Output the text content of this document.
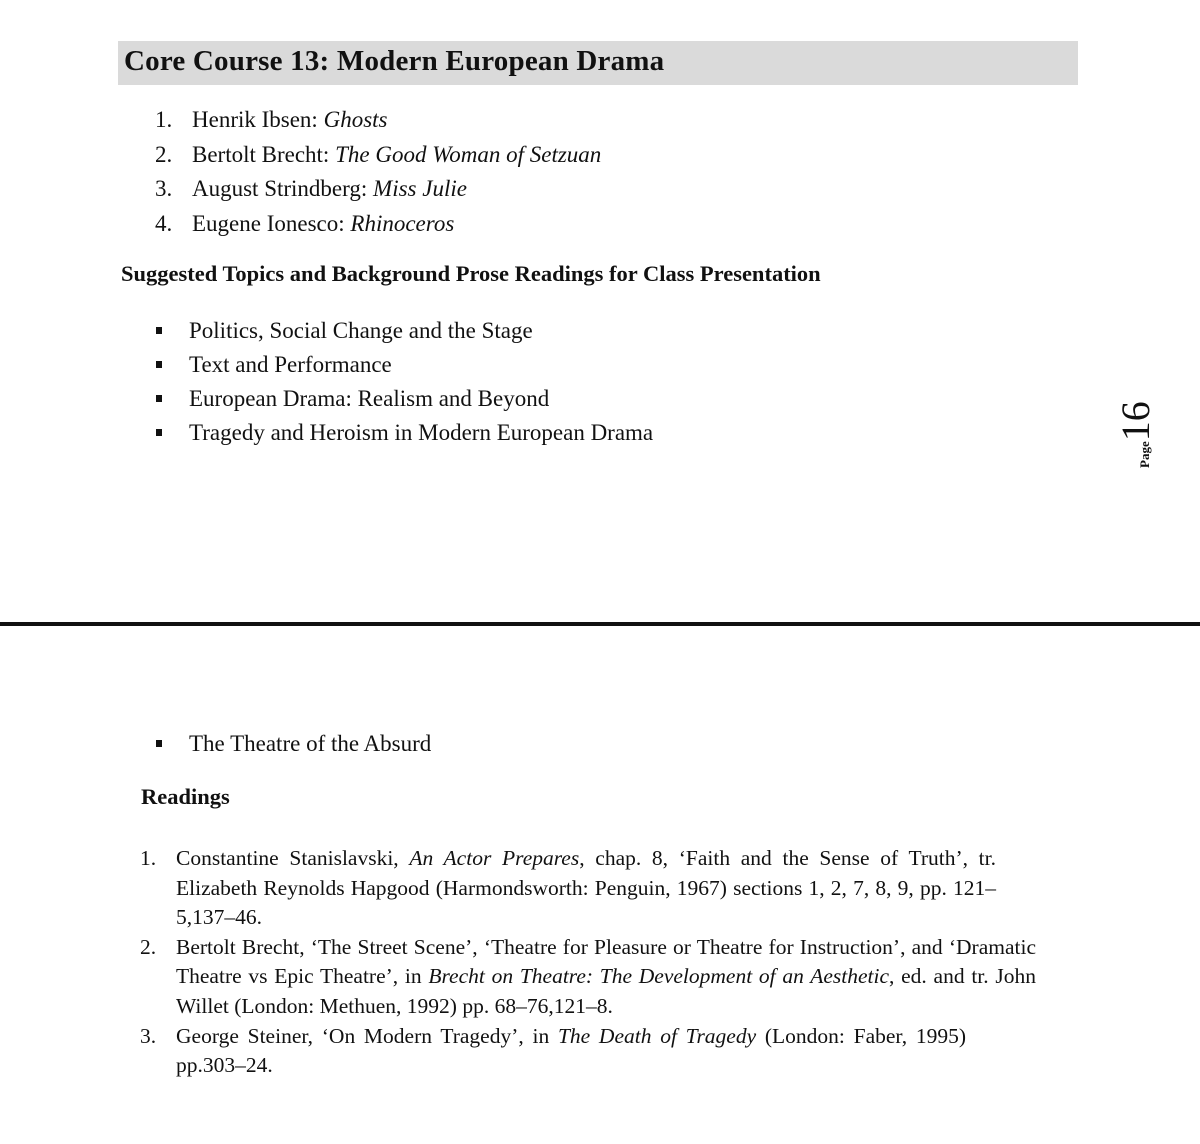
Core Course 13: Modern European Drama
1. Henrik Ibsen: Ghosts
2. Bertolt Brecht: The Good Woman of Setzuan
3. August Strindberg: Miss Julie
4. Eugene Ionesco: Rhinoceros
Suggested Topics and Background Prose Readings for Class Presentation
Politics, Social Change and the Stage
Text and Performance
European Drama: Realism and Beyond
Tragedy and Heroism in Modern European Drama
Page16
The Theatre of the Absurd
Readings
1. Constantine Stanislavski, An Actor Prepares, chap. 8, ‘Faith and the Sense of Truth’, tr. Elizabeth Reynolds Hapgood (Harmondsworth: Penguin, 1967) sections 1, 2, 7, 8, 9, pp. 121–5,137–46.
2. Bertolt Brecht, ‘The Street Scene’, ‘Theatre for Pleasure or Theatre for Instruction’, and ‘Dramatic Theatre vs Epic Theatre’, in Brecht on Theatre: The Development of an Aesthetic, ed. and tr. John Willet (London: Methuen, 1992) pp. 68–76,121–8.
3. George Steiner, ‘On Modern Tragedy’, in The Death of Tragedy (London: Faber, 1995) pp.303–24.
